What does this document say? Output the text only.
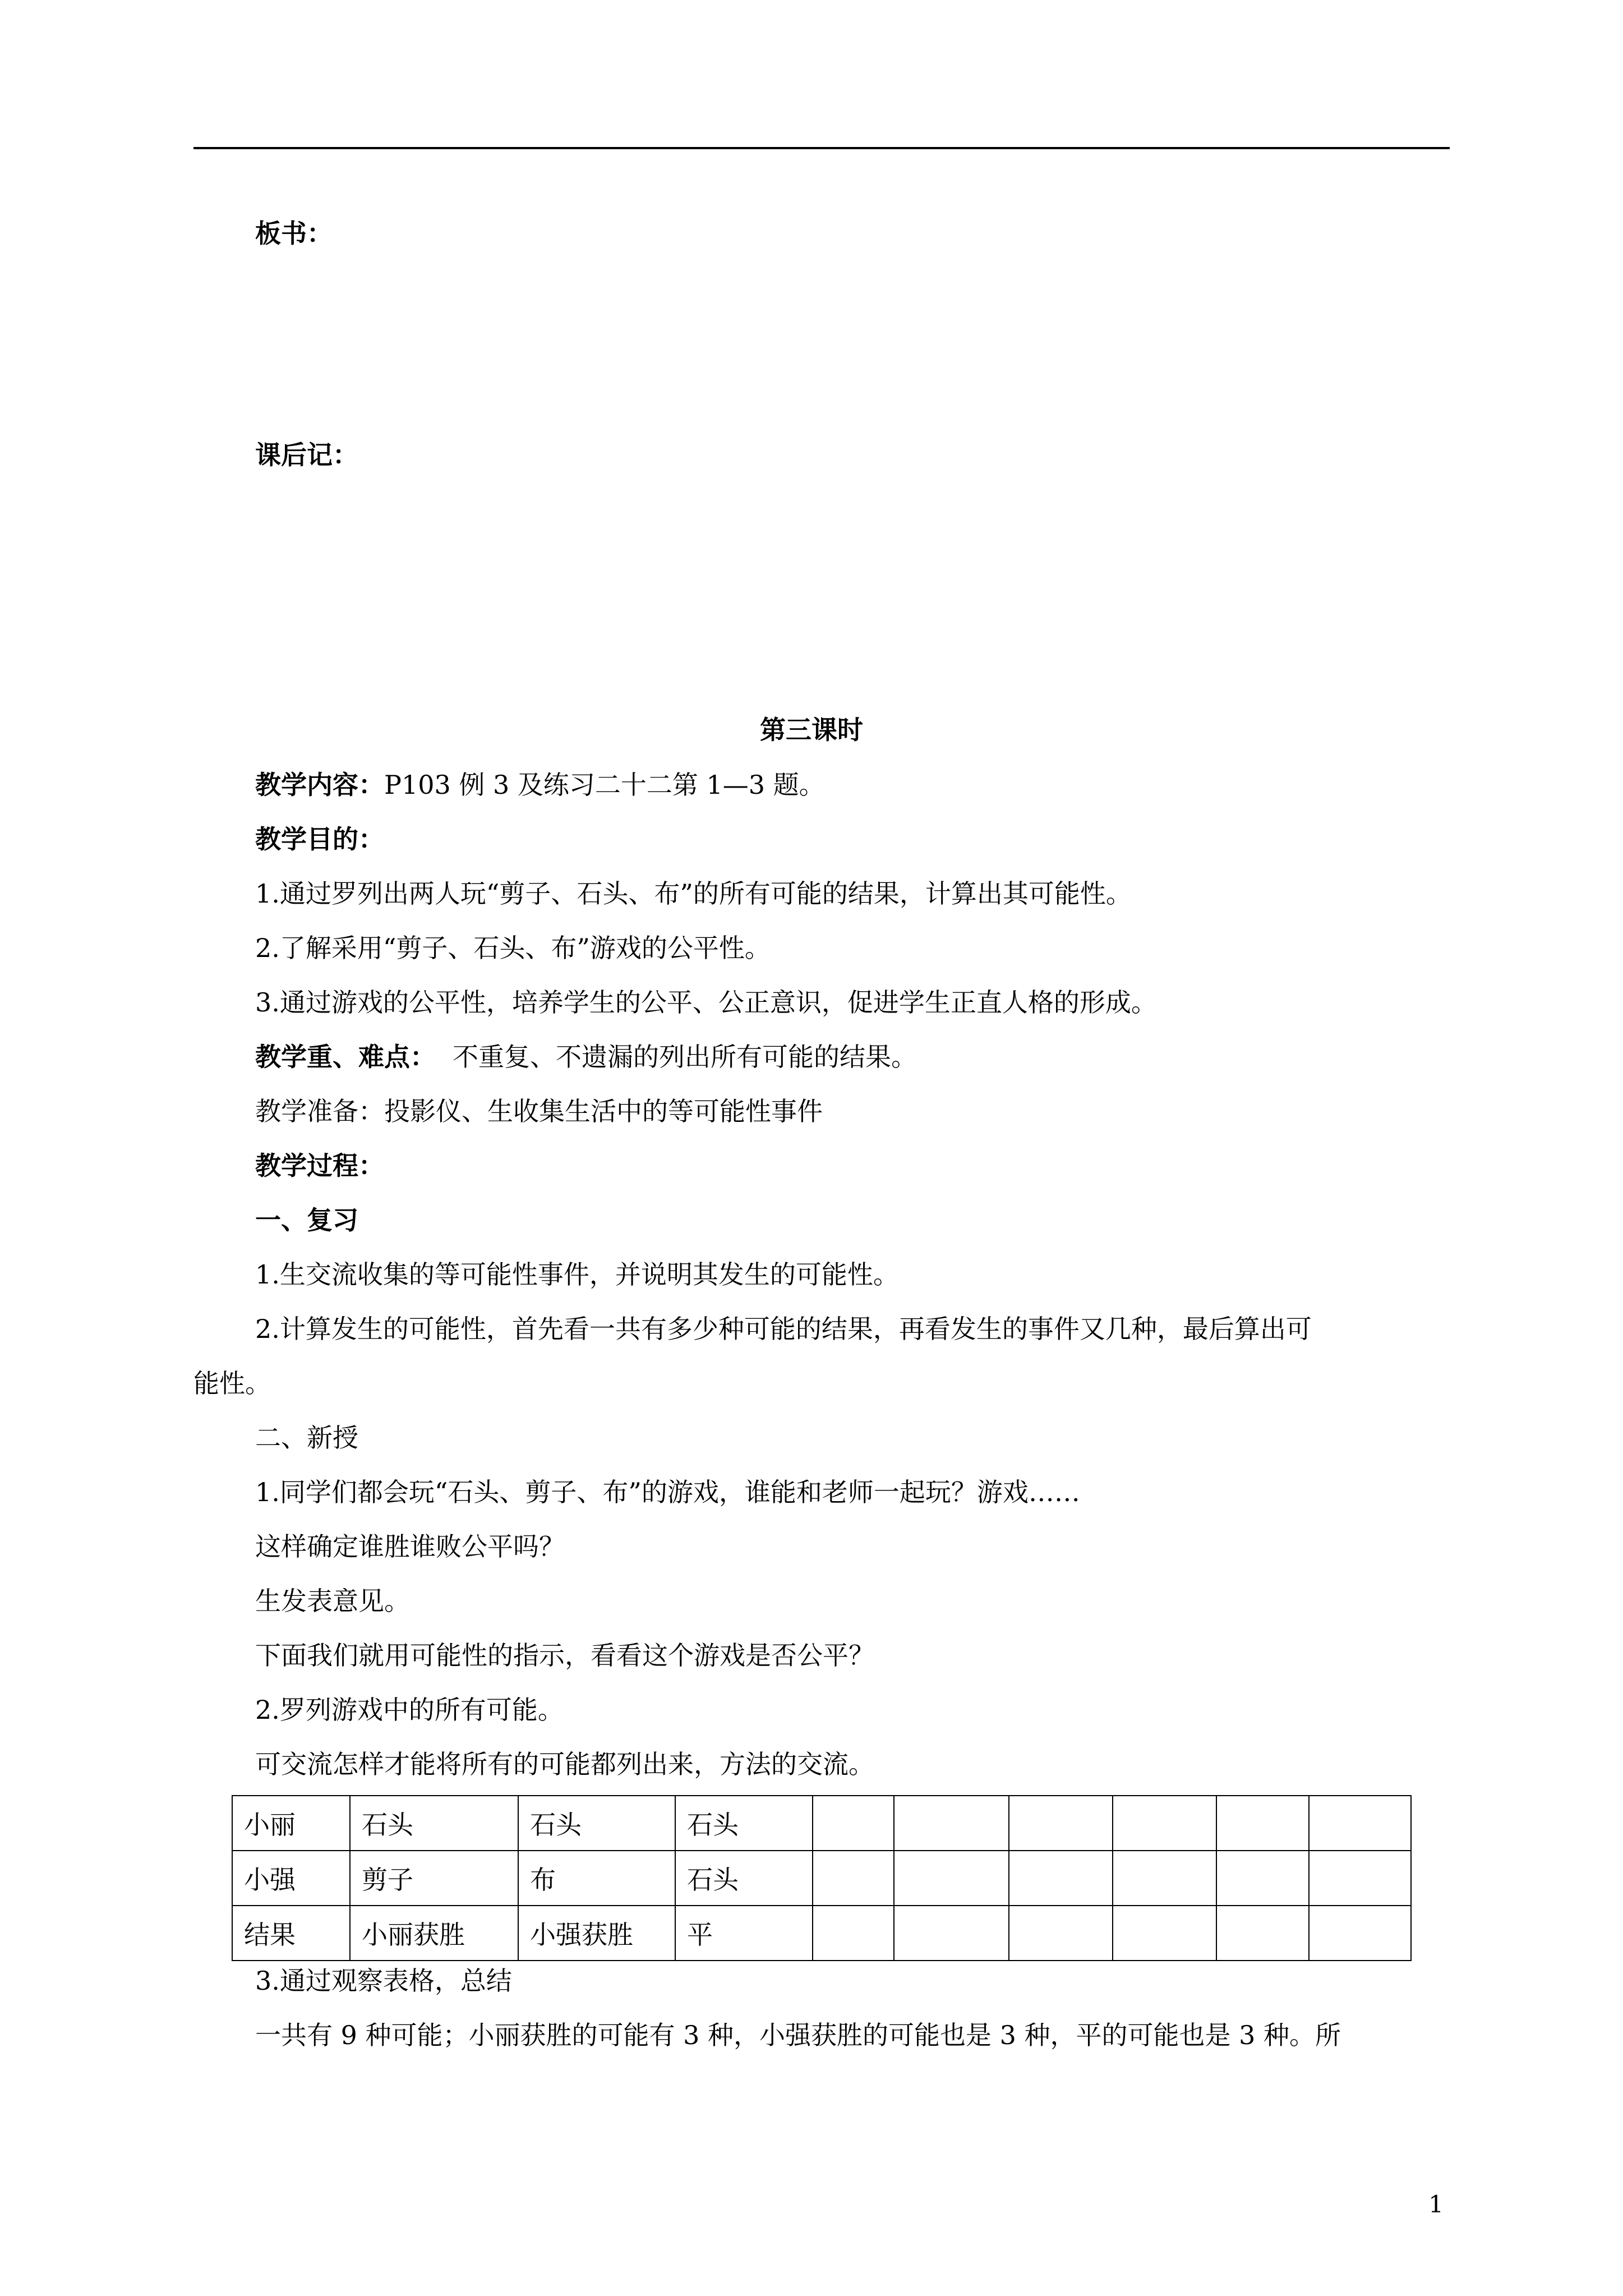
板书：
课后记：
第三课时
教学内容：P103 例 3 及练习二十二第 1—3 题。
教学目的：
1.通过罗列出两人玩“剪子、石头、布”的所有可能的结果，计算出其可能性。
2.了解采用“剪子、石头、布”游戏的公平性。
3.通过游戏的公平性，培养学生的公平、公正意识，促进学生正直人格的形成。
教学重、难点： 不重复、不遗漏的列出所有可能的结果。
教学准备：投影仪、生收集生活中的等可能性事件
教学过程：
一、复习
1.生交流收集的等可能性事件，并说明其发生的可能性。
2.计算发生的可能性，首先看一共有多少种可能的结果，再看发生的事件又几种，最后算出可
能性。
二、新授
1.同学们都会玩“石头、剪子、布”的游戏，谁能和老师一起玩？游戏……
这样确定谁胜谁败公平吗？
生发表意见。
下面我们就用可能性的指示，看看这个游戏是否公平？
2.罗列游戏中的所有可能。
可交流怎样才能将所有的可能都列出来，方法的交流。
小丽	石头	石头	石头						
小强	剪子	布	石头						
结果	小丽获胜	小强获胜	平						
3.通过观察表格，总结
一共有 9 种可能；小丽获胜的可能有 3 种，小强获胜的可能也是 3 种，平的可能也是 3 种。所
1
